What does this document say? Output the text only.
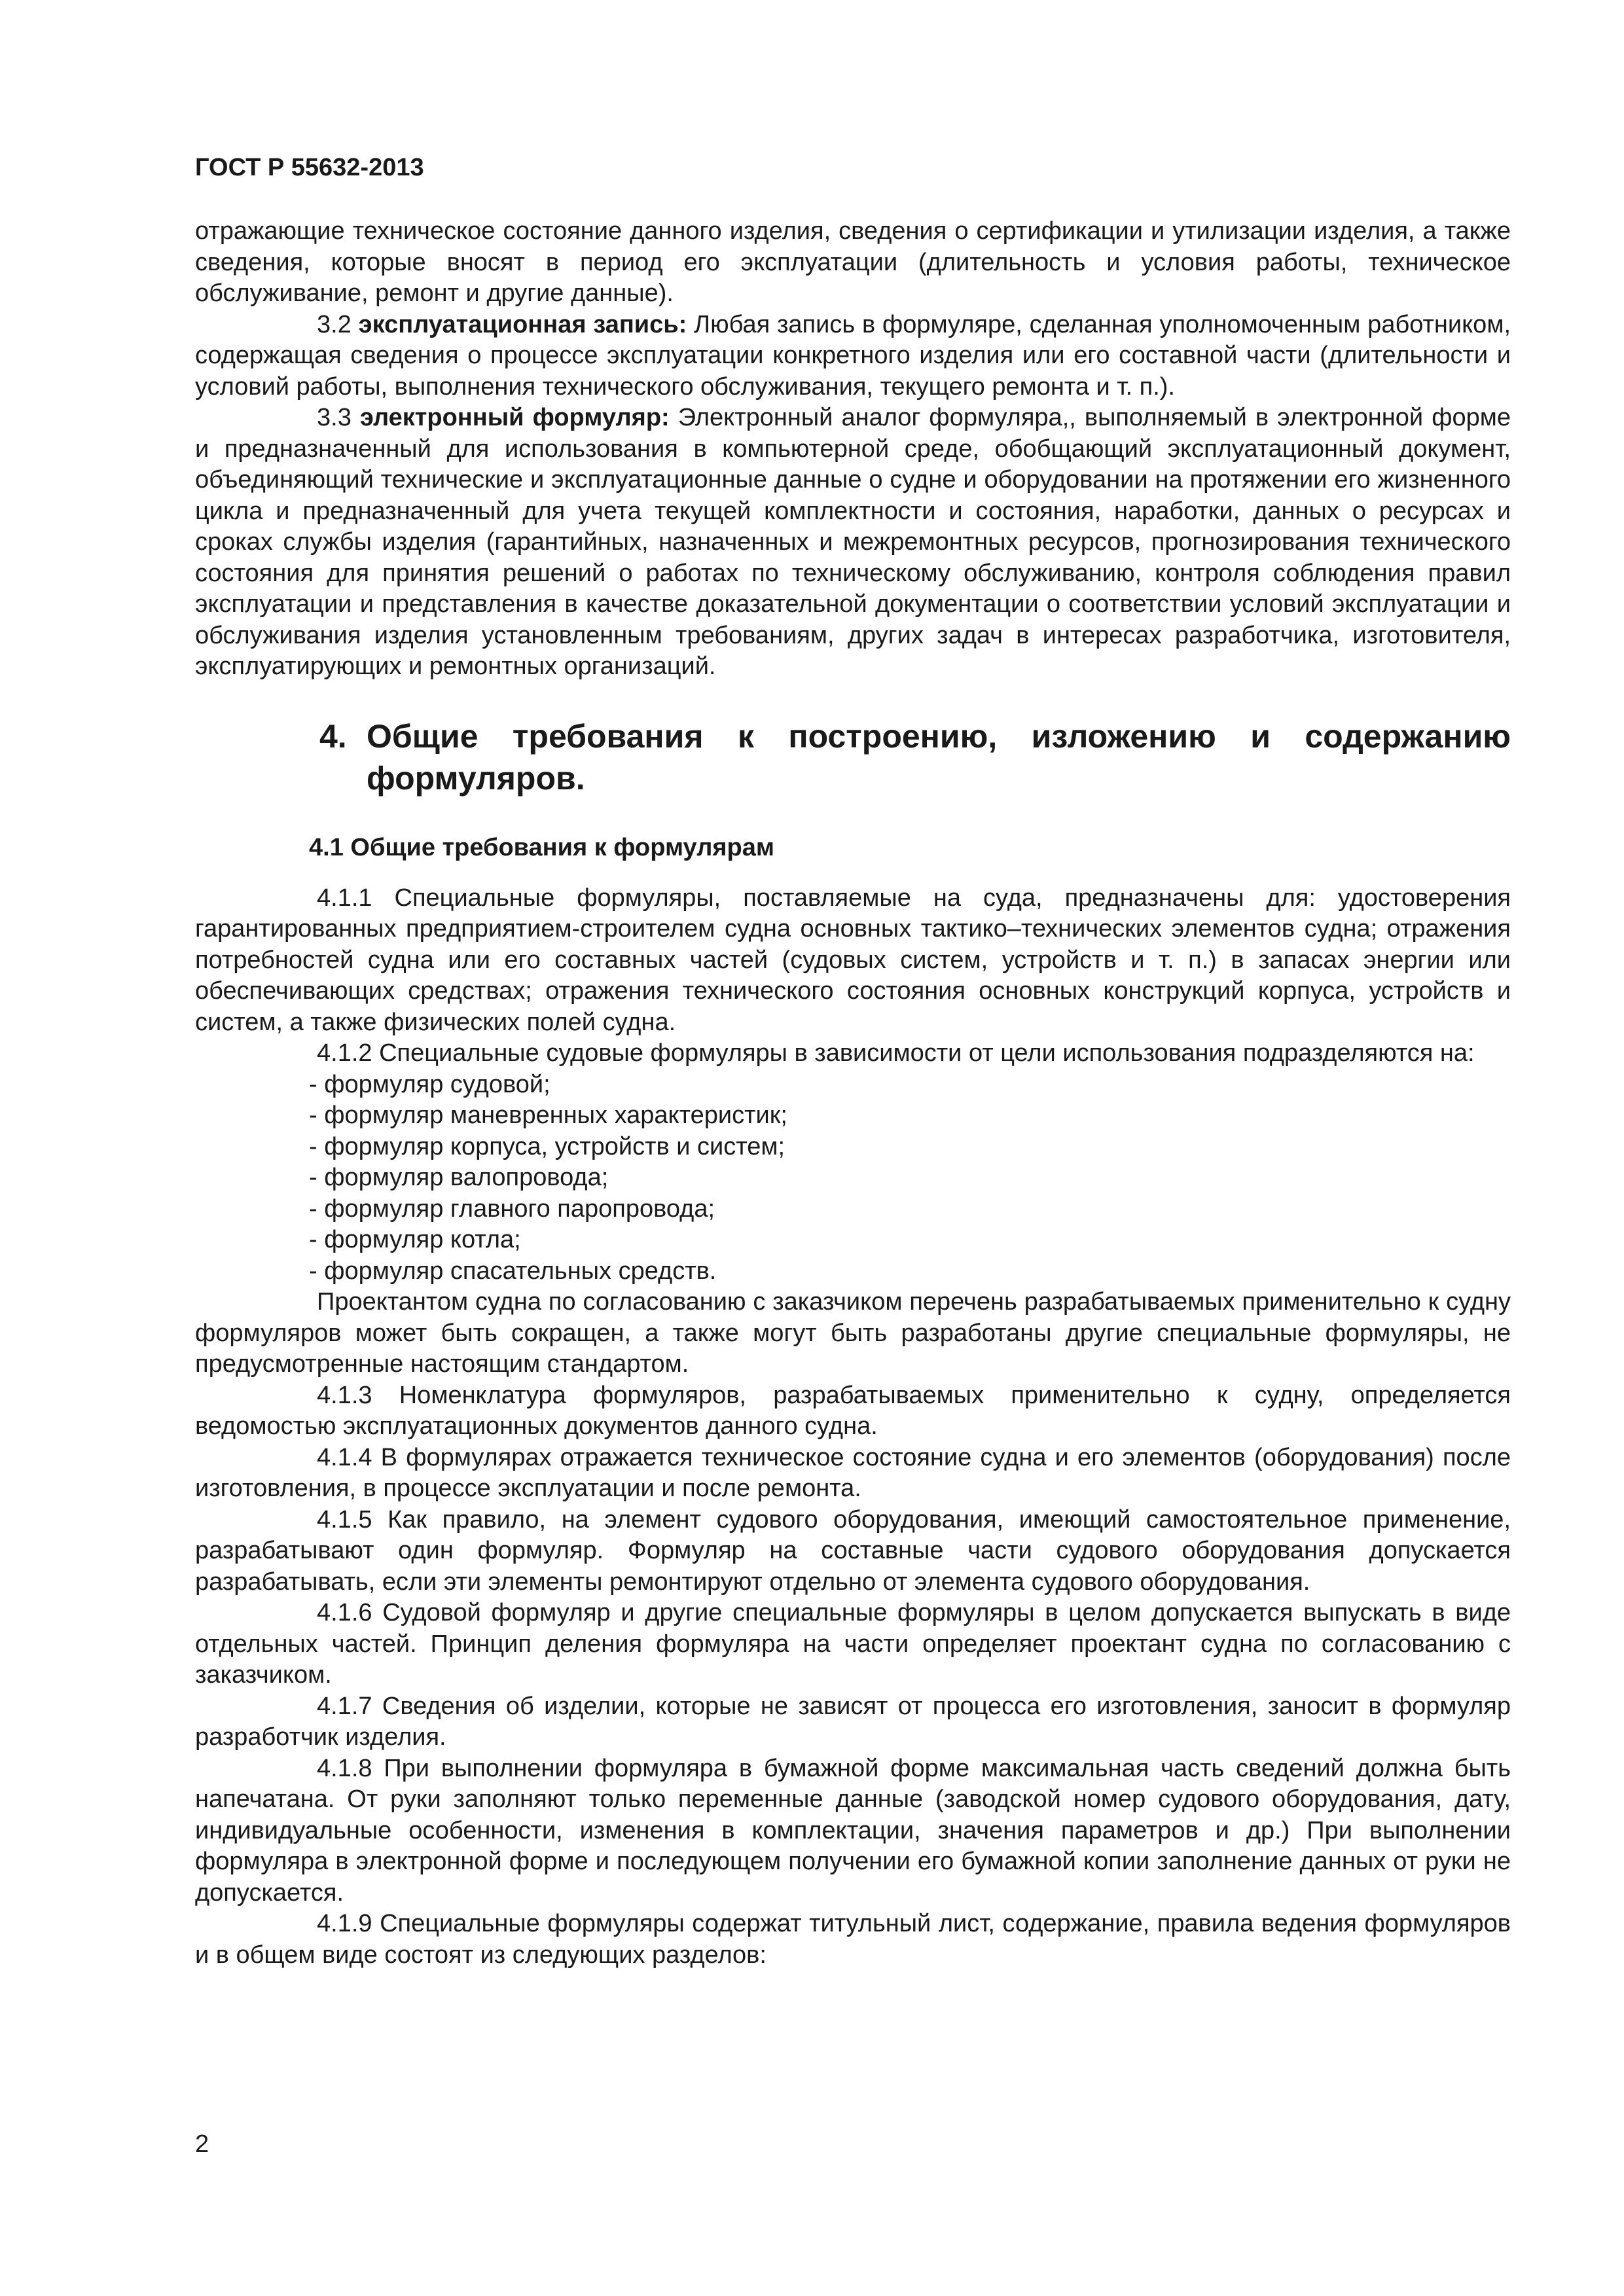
ГОСТ Р 55632-2013

отражающие техническое состояние данного изделия, сведения о сертификации и утилизации изделия, а также сведения, которые вносят в период его эксплуатации (длительность и условия работы, техническое обслуживание, ремонт и другие данные).

3.2 эксплуатационная запись: Любая запись в формуляре, сделанная уполномоченным работником, содержащая сведения о процессе эксплуатации конкретного изделия или его составной части (длительности и условий работы, выполнения технического обслуживания, текущего ремонта и т. п.).

3.3 электронный формуляр: Электронный аналог формуляра,, выполняемый в электронной форме и предназначенный для использования в компьютерной среде, обобщающий эксплуатационный документ, объединяющий технические и эксплуатационные данные о судне и оборудовании на протяжении его жизненного цикла и предназначенный для учета текущей комплектности и состояния, наработки, данных о ресурсах и сроках службы изделия (гарантийных, назначенных и межремонтных ресурсов, прогнозирования технического состояния для принятия решений о работах по техническому обслуживанию, контроля соблюдения правил эксплуатации и представления в качестве доказательной документации о соответствии условий эксплуатации и обслуживания изделия установленным требованиям, других задач в интересах разработчика, изготовителя, эксплуатирующих и ремонтных организаций.

4. Общие требования к построению, изложению и содержанию формуляров.
4.1 Общие требования к формулярам

4.1.1 Специальные формуляры, поставляемые на суда, предназначены для: удостоверения гарантированных предприятием-строителем судна основных тактико–технических элементов судна; отражения потребностей судна или его составных частей (судовых систем, устройств и т. п.) в запасах энергии или обеспечивающих средствах; отражения технического состояния основных конструкций корпуса, устройств и систем, а также физических полей судна.

4.1.2 Специальные судовые формуляры в зависимости от цели использования подразделяются на:

- формуляр судовой;
- формуляр маневренных характеристик;
- формуляр корпуса, устройств и систем;
- формуляр валопровода;
- формуляр главного паропровода;
- формуляр котла;
- формуляр спасательных средств.

Проектантом судна по согласованию с заказчиком перечень разрабатываемых применительно к судну формуляров может быть сокращен, а также могут быть разработаны другие специальные формуляры, не предусмотренные настоящим стандартом.

4.1.3 Номенклатура формуляров, разрабатываемых применительно к судну, определяется ведомостью эксплуатационных документов данного судна.

4.1.4 В формулярах отражается техническое состояние судна и его элементов (оборудования) после изготовления, в процессе эксплуатации и после ремонта.

4.1.5 Как правило, на элемент судового оборудования, имеющий самостоятельное применение, разрабатывают один формуляр. Формуляр на составные части судового оборудования допускается разрабатывать, если эти элементы ремонтируют отдельно от элемента судового оборудования.

4.1.6 Судовой формуляр и другие специальные формуляры в целом допускается выпускать в виде отдельных частей. Принцип деления формуляра на части определяет проектант судна по согласованию с заказчиком.

4.1.7 Сведения об изделии, которые не зависят от процесса его изготовления, заносит в формуляр разработчик изделия.

4.1.8 При выполнении формуляра в бумажной форме максимальная часть сведений должна быть напечатана. От руки заполняют только переменные данные (заводской номер судового оборудования, дату, индивидуальные особенности, изменения в комплектации, значения параметров и др.) При выполнении формуляра в электронной форме и последующем получении его бумажной копии заполнение данных от руки не допускается.

4.1.9 Специальные формуляры содержат титульный лист, содержание, правила ведения формуляров и в общем виде состоят из следующих разделов:

2
